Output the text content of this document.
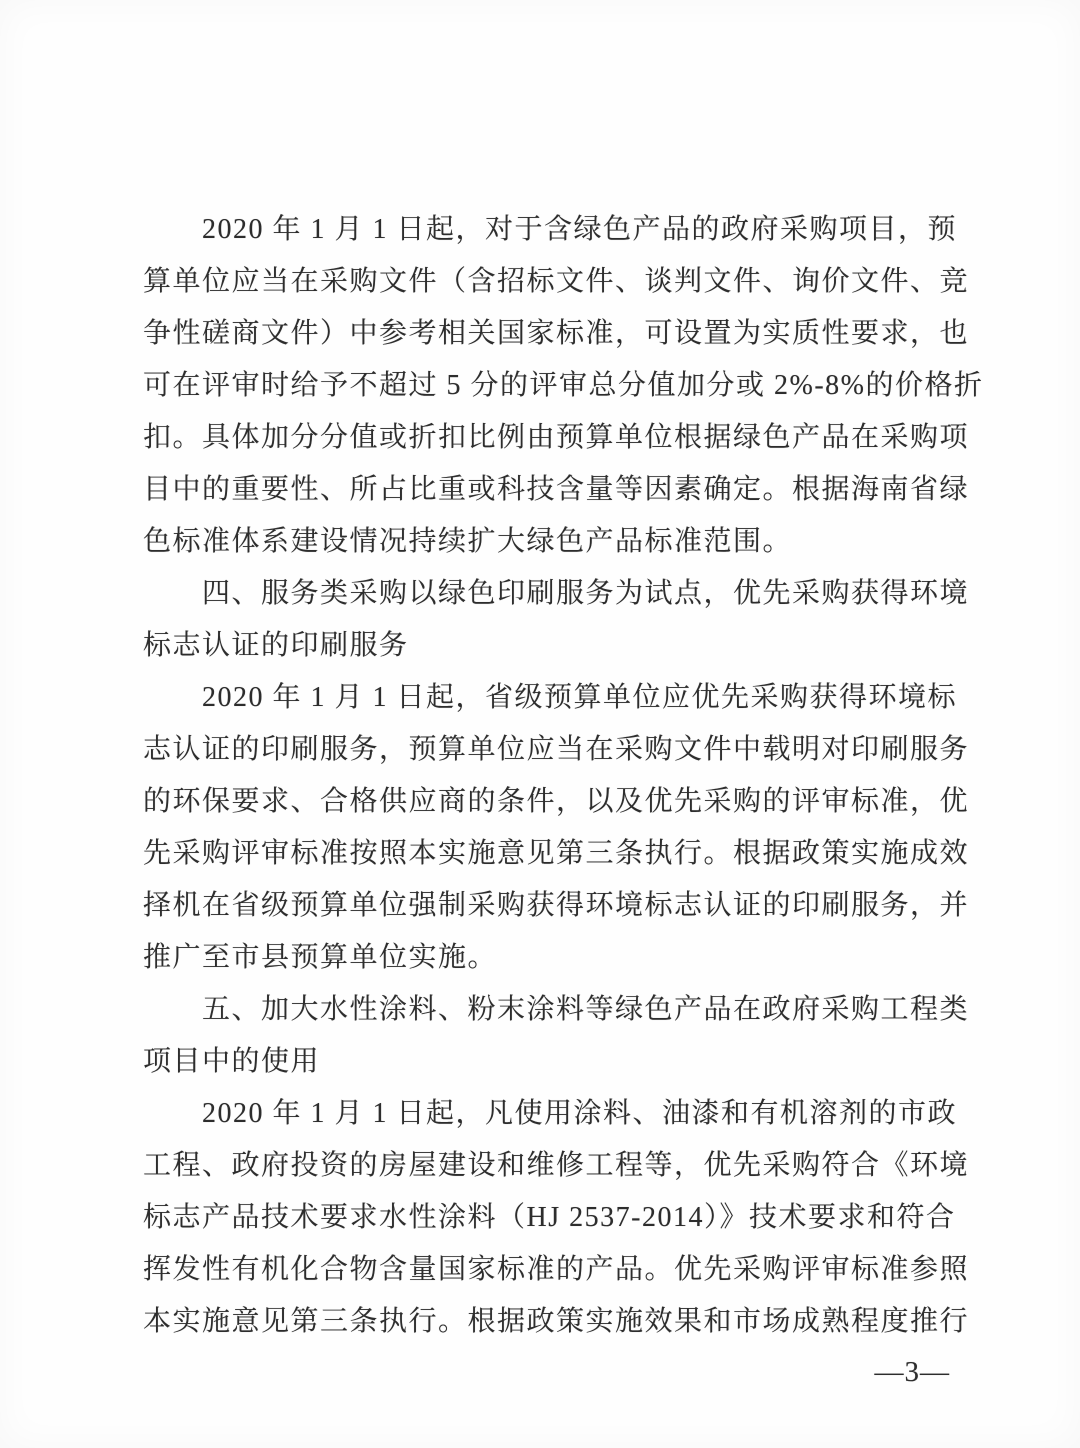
2020 年 1 月 1 日起，对于含绿色产品的政府采购项目，预
算单位应当在采购文件（含招标文件、谈判文件、询价文件、竞
争性磋商文件）中参考相关国家标准，可设置为实质性要求，也
可在评审时给予不超过 5 分的评审总分值加分或 2%-8%的价格折
扣。具体加分分值或折扣比例由预算单位根据绿色产品在采购项
目中的重要性、所占比重或科技含量等因素确定。根据海南省绿
色标准体系建设情况持续扩大绿色产品标准范围。
四、服务类采购以绿色印刷服务为试点，优先采购获得环境
标志认证的印刷服务
2020 年 1 月 1 日起，省级预算单位应优先采购获得环境标
志认证的印刷服务，预算单位应当在采购文件中载明对印刷服务
的环保要求、合格供应商的条件，以及优先采购的评审标准，优
先采购评审标准按照本实施意见第三条执行。根据政策实施成效
择机在省级预算单位强制采购获得环境标志认证的印刷服务，并
推广至市县预算单位实施。
五、加大水性涂料、粉末涂料等绿色产品在政府采购工程类
项目中的使用
2020 年 1 月 1 日起，凡使用涂料、油漆和有机溶剂的市政
工程、政府投资的房屋建设和维修工程等，优先采购符合《环境
标志产品技术要求水性涂料（HJ 2537-2014）》技术要求和符合
挥发性有机化合物含量国家标准的产品。优先采购评审标准参照
本实施意见第三条执行。根据政策实施效果和市场成熟程度推行
—3—
